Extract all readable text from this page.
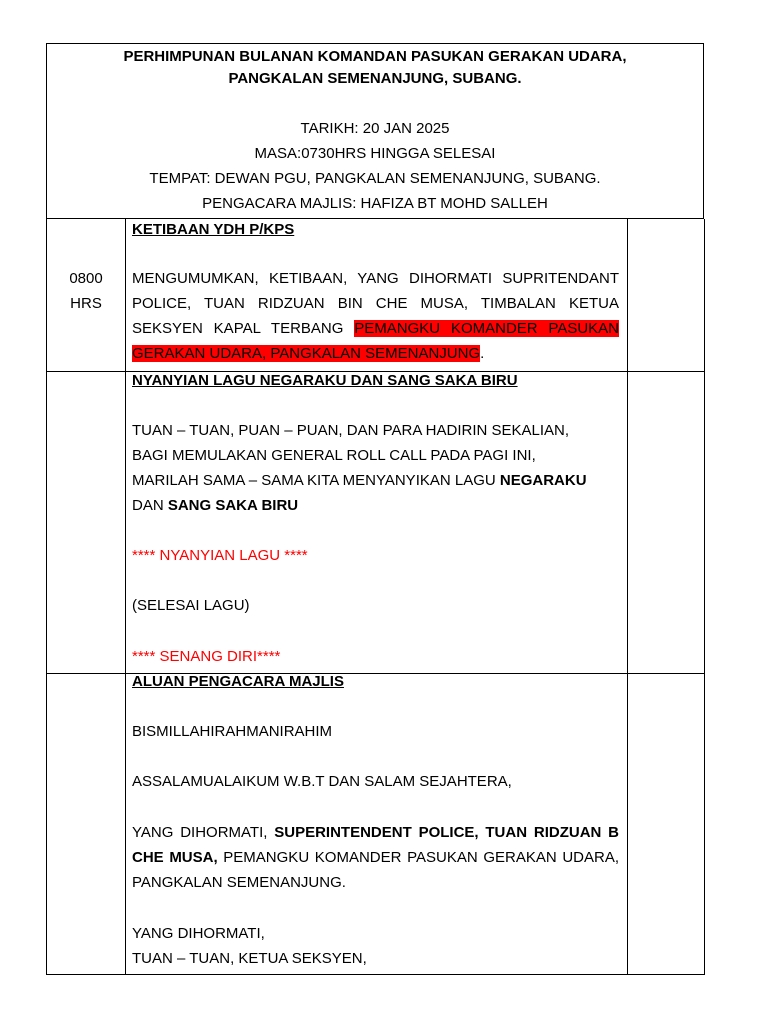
PERHIMPUNAN BULANAN KOMANDAN PASUKAN GERAKAN UDARA,
PANGKALAN SEMENANJUNG, SUBANG.
TARIKH: 20 JAN 2025
MASA:0730HRS HINGGA SELESAI
TEMPAT: DEWAN PGU, PANGKALAN SEMENANJUNG, SUBANG.
PENGACARA MAJLIS: HAFIZA BT MOHD SALLEH
0800
HRS
KETIBAAN YDH P/KPS
MENGUMUMKAN, KETIBAAN, YANG DIHORMATI SUPRITENDANT POLICE, TUAN RIDZUAN BIN CHE MUSA, TIMBALAN KETUA SEKSYEN KAPAL TERBANG PEMANGKU KOMANDER PASUKAN GERAKAN UDARA, PANGKALAN SEMENANJUNG.
NYANYIAN LAGU NEGARAKU DAN SANG SAKA BIRU
TUAN – TUAN, PUAN – PUAN, DAN PARA HADIRIN SEKALIAN,
BAGI MEMULAKAN GENERAL ROLL CALL PADA PAGI INI,
MARILAH SAMA – SAMA KITA MENYANYIKAN LAGU NEGARAKU
DAN SANG SAKA BIRU
**** NYANYIAN LAGU ****
(SELESAI LAGU)
**** SENANG DIRI****
ALUAN PENGACARA MAJLIS
BISMILLAHIRAHMANIRAHIM
ASSALAMUALAIKUM W.B.T DAN SALAM SEJAHTERA,
YANG DIHORMATI, SUPERINTENDENT POLICE, TUAN RIDZUAN B CHE MUSA, PEMANGKU KOMANDER PASUKAN GERAKAN UDARA, PANGKALAN SEMENANJUNG.
YANG DIHORMATI,
TUAN – TUAN, KETUA SEKSYEN,
